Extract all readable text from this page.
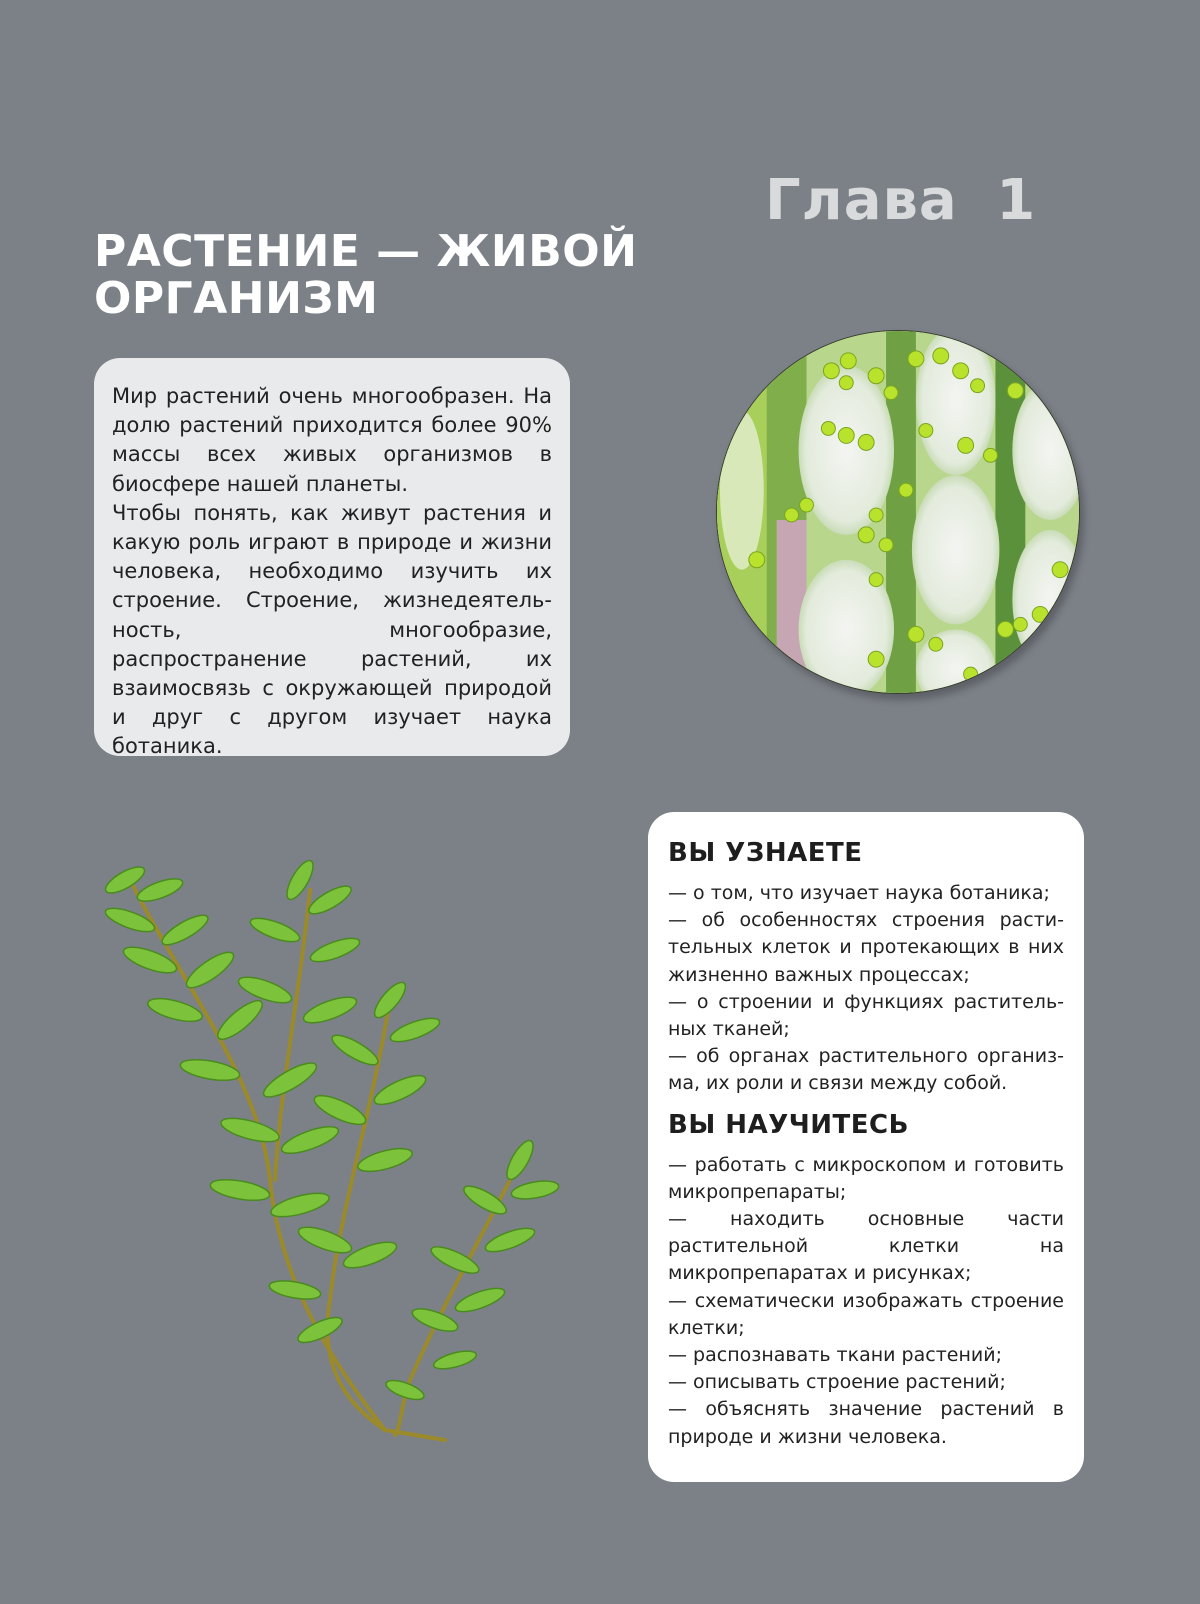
Глава 1
РАСТЕНИЕ — ЖИВОЙ
ОРГАНИЗМ

Мир растений очень многообразен. На долю растений приходится более 90% массы всех живых организмов в биосфере нашей планеты.

Чтобы понять, как живут растения и какую роль играют в природе и жизни человека, необходимо изучить их строение. Строение, жизнедеятельность, многообразие, распространение растений, их взаимосвязь с окружающей природой и друг с другом изучает наука ботаника.

ВЫ УЗНАЕТЕ
— о том, что изучает наука ботаника;
— об особенностях строения растительных клеток и протекающих в них жизненно важных процессах;
— о строении и функциях растительных тканей;
— об органах растительного организма, их роли и связи между собой.
ВЫ НАУЧИТЕСЬ
— работать с микроскопом и готовить микропрепараты;
— находить основные части растительной клетки на микропрепаратах и рисунках;
— схематически изображать строение клетки;
— распознавать ткани растений;
— описывать строение растений;
— объяснять значение растений в природе и жизни человека.
